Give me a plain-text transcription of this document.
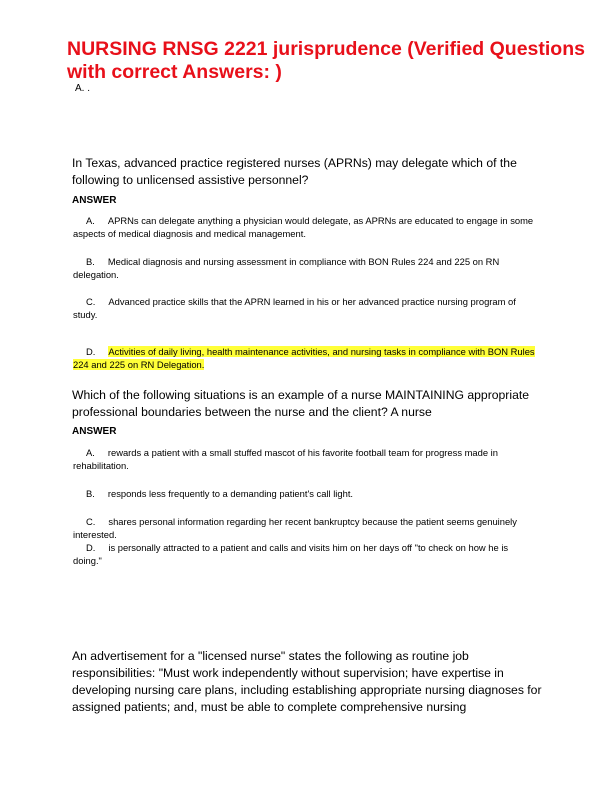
NURSING RNSG 2221 jurisprudence (Verified Questions with correct Answers: )
A. .
In Texas, advanced practice registered nurses (APRNs) may delegate which of the following to unlicensed assistive personnel?
ANSWER
A. APRNs can delegate anything a physician would delegate, as APRNs are educated to engage in some aspects of medical diagnosis and medical management.
B. Medical diagnosis and nursing assessment in compliance with BON Rules 224 and 225 on RN delegation.
C. Advanced practice skills that the APRN learned in his or her advanced practice nursing program of study.
D. Activities of daily living, health maintenance activities, and nursing tasks in compliance with BON Rules 224 and 225 on RN Delegation.
Which of the following situations is an example of a nurse MAINTAINING appropriate professional boundaries between the nurse and the client? A nurse
ANSWER
A. rewards a patient with a small stuffed mascot of his favorite football team for progress made in rehabilitation.
B. responds less frequently to a demanding patient's call light.
C. shares personal information regarding her recent bankruptcy because the patient seems genuinely interested.
D. is personally attracted to a patient and calls and visits him on her days off "to check on how he is doing."
An advertisement for a "licensed nurse" states the following as routine job responsibilities: "Must work independently without supervision; have expertise in developing nursing care plans, including establishing appropriate nursing diagnoses for assigned patients; and, must be able to complete comprehensive nursing
